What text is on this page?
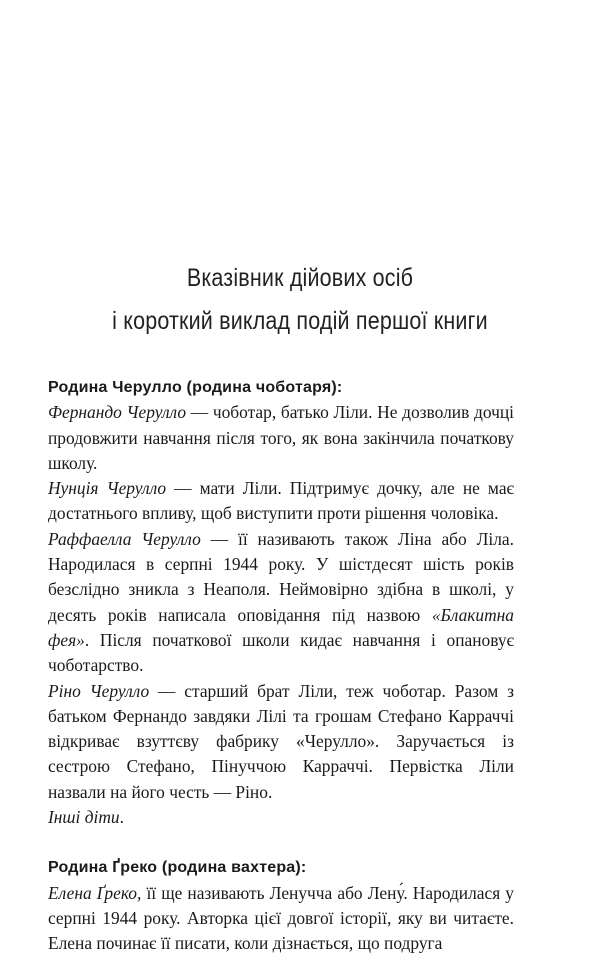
Вказівник дійових осіб
і короткий виклад подій першої книги

Родина Черулло (родина чоботаря):

Фернандо Черулло — чоботар, батько Ліли. Не дозволив дочці продовжити навчання після того, як вона закінчила початкову школу.

Нунція Черулло — мати Ліли. Підтримує дочку, але не має достатнього впливу, щоб виступити проти рішення чоловіка.

Раффаелла Черулло — її називають також Ліна або Ліла. Народилася в серпні 1944 року. У шістдесят шість років безслідно зникла з Неаполя. Неймовірно здібна в школі, у десять років написала оповідання під назвою «Блакитна фея». Після початкової школи кидає навчання і опановує чоботарство.

Ріно Черулло — старший брат Ліли, теж чоботар. Разом з батьком Фернандо завдяки Лілі та грошам Стефано Карраччі відкриває взуттєву фабрику «Черулло». Заручається із сестрою Стефано, Пінуччою Карраччі. Первістка Ліли назвали на його честь — Ріно.

Інші діти.

Родина Ґреко (родина вахтера):

Елена Ґреко, її ще називають Ленучча або Лену́. Народилася у серпні 1944 року. Авторка цієї довгої історії, яку ви читаєте. Елена починає її писати, коли дізнається, що подруга
